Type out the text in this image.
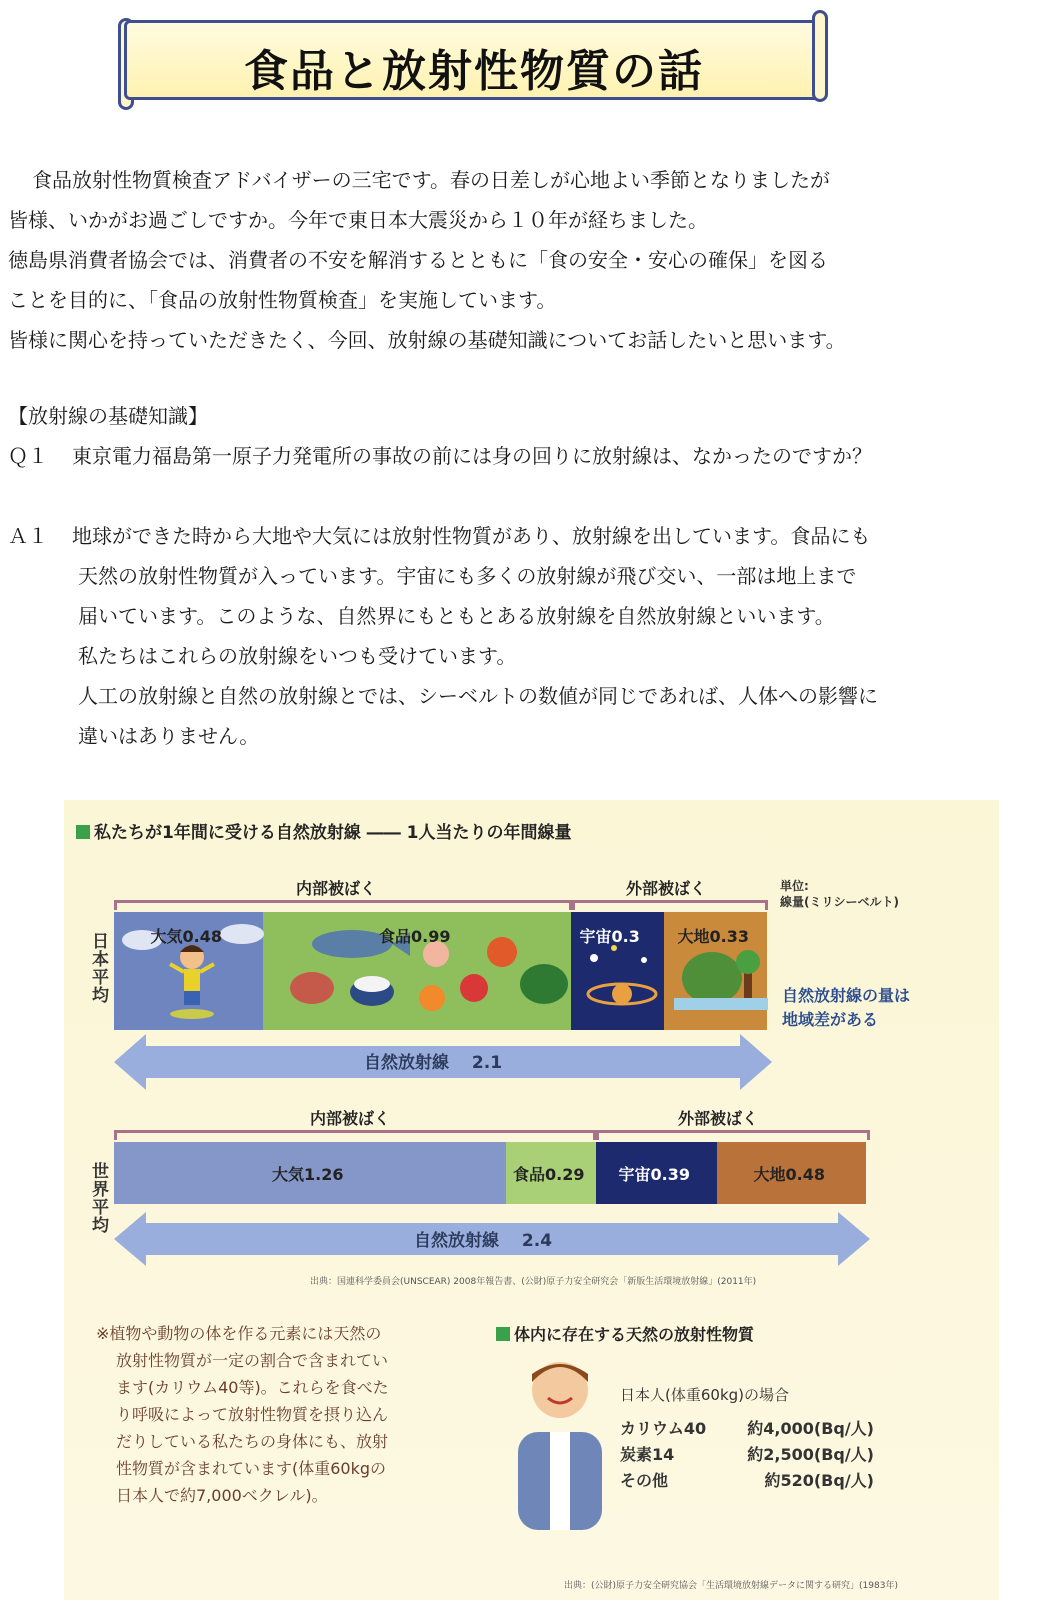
食品と放射性物質の話

食品放射性物質検査アドバイザーの三宅です。春の日差しが心地よい季節となりましたが

皆様、いかがお過ごしですか。今年で東日本大震災から１０年が経ちました。

徳島県消費者協会では、消費者の不安を解消するとともに「食の安全・安心の確保」を図る

ことを目的に、「食品の放射性物質検査」を実施しています。

皆様に関心を持っていただきたく、今回、放射線の基礎知識についてお話したいと思います。

【放射線の基礎知識】

Ｑ１	東京電力福島第一原子力発電所の事故の前には身の回りに放射線は、なかったのですか？
Ａ１	地球ができた時から大地や大気には放射性物質があり、放射線を出しています。食品にも

天然の放射性物質が入っています。宇宙にも多くの放射線が飛び交い、一部は地上まで

届いています。このような、自然界にもともとある放射線を自然放射線といいます。

私たちはこれらの放射線をいつも受けています。

人工の放射線と自然の放射線とでは、シーベルトの数値が同じであれば、人体への影響に

違いはありません。

私たちが1年間に受ける自然放射線 ―― 1人当たりの年間線量
日本平均
内部被ばく	外部被ばく	単位:
線量(ミリシーベルト)
自然放射線の量は
地域差がある
自然放射線　 2.1
世界平均
内部被ばく	外部被ばく
自然放射線　 2.4
出典：国連科学委員会(UNSCEAR) 2008年報告書、(公財)原子力安全研究会「新版生活環境放射線」(2011年)
※植物や動物の体を作る元素には天然の
放射性物質が一定の割合で含まれてい
ます(カリウム40等)。これらを食べた
り呼吸によって放射性物質を摂り込ん
だりしている私たちの身体にも、放射
性物質が含まれています(体重60kgの
日本人で約7,000ベクレル)。
体内に存在する天然の放射性物質
日本人(体重60kg)の場合
カリウム40	約4,000(Bq/人)
炭素14	約2,500(Bq/人)
その他	約520(Bq/人)
出典：(公財)原子力安全研究協会「生活環境放射線データに関する研究」(1983年)
大気0.48	食品0.99	宇宙0.3 大地0.33
大気1.26	食品0.29 宇宙0.39	大地0.48
